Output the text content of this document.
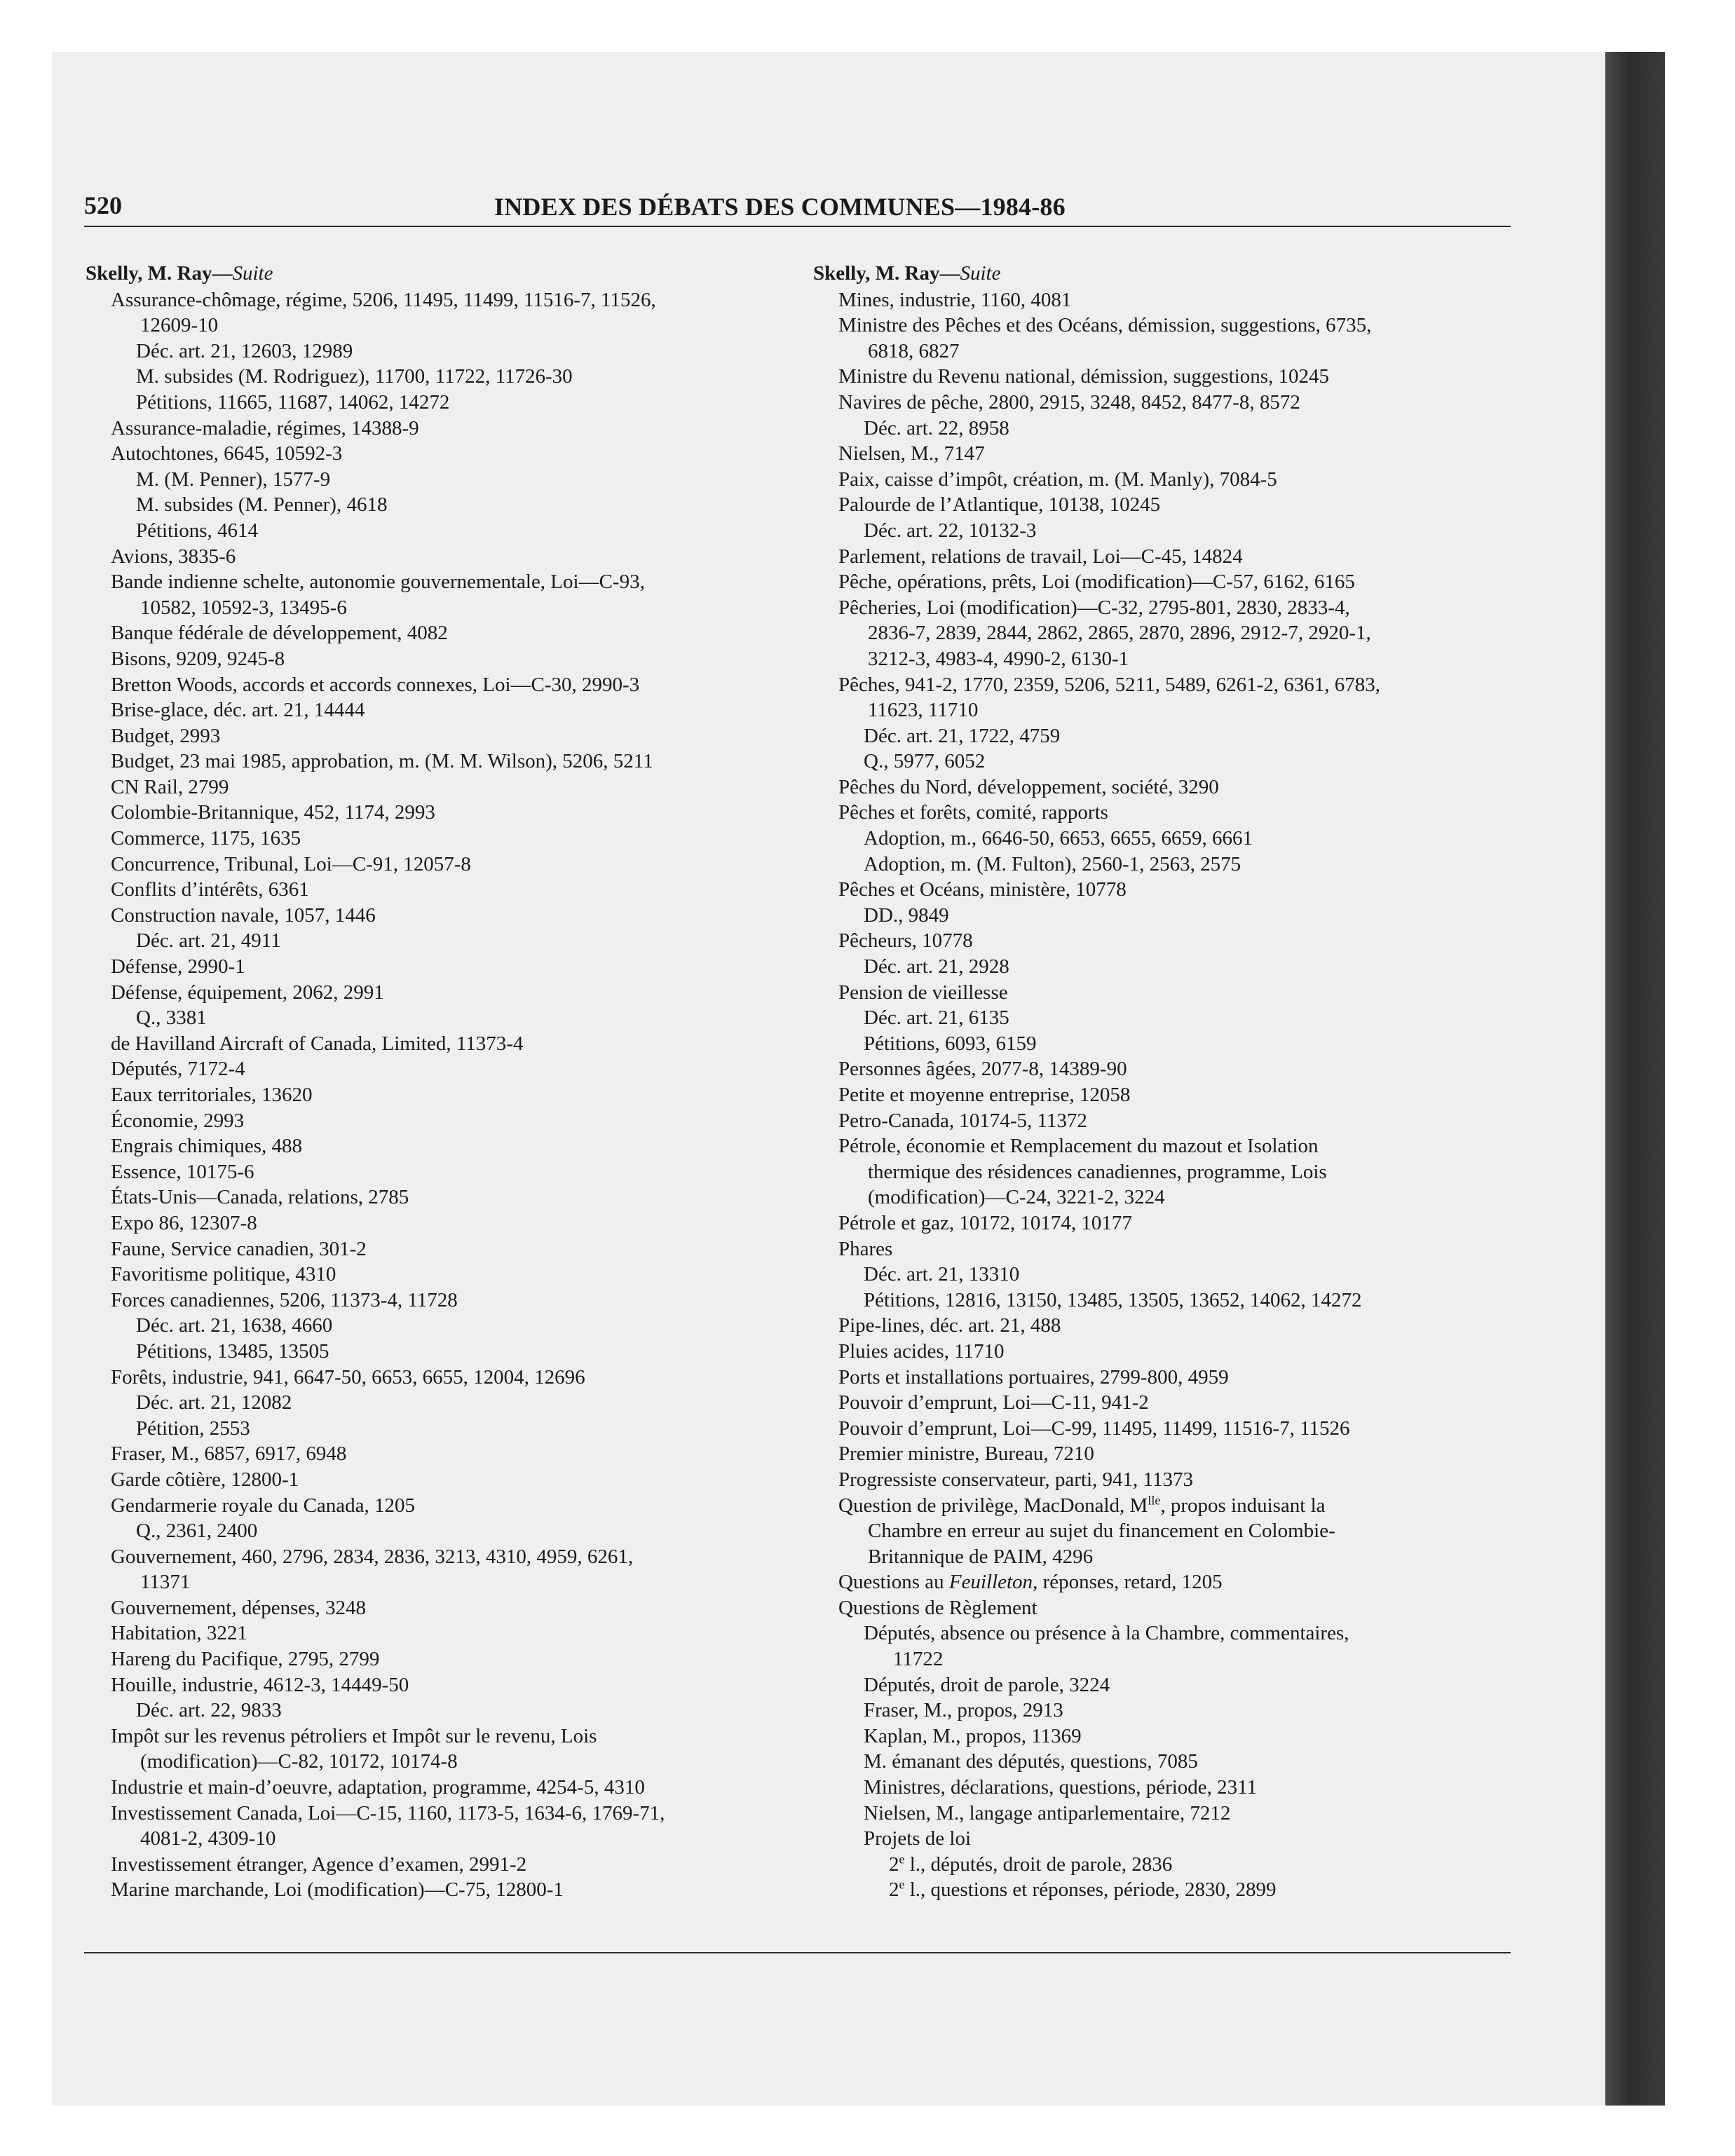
520	INDEX DES DÉBATS DES COMMUNES—1984-86
Skelly, M. Ray—Suite
Assurance-chômage, régime, 5206, 11495, 11499, 11516-7, 11526,
12609-10
Déc. art. 21, 12603, 12989
M. subsides (M. Rodriguez), 11700, 11722, 11726-30
Pétitions, 11665, 11687, 14062, 14272
Assurance-maladie, régimes, 14388-9
Autochtones, 6645, 10592-3
M. (M. Penner), 1577-9
M. subsides (M. Penner), 4618
Pétitions, 4614
Avions, 3835-6
Bande indienne schelte, autonomie gouvernementale, Loi—C-93,
10582, 10592-3, 13495-6
Banque fédérale de développement, 4082
Bisons, 9209, 9245-8
Bretton Woods, accords et accords connexes, Loi—C-30, 2990-3
Brise-glace, déc. art. 21, 14444
Budget, 2993
Budget, 23 mai 1985, approbation, m. (M. M. Wilson), 5206, 5211
CN Rail, 2799
Colombie-Britannique, 452, 1174, 2993
Commerce, 1175, 1635
Concurrence, Tribunal, Loi—C-91, 12057-8
Conflits d’intérêts, 6361
Construction navale, 1057, 1446
Déc. art. 21, 4911
Défense, 2990-1
Défense, équipement, 2062, 2991
Q., 3381
de Havilland Aircraft of Canada, Limited, 11373-4
Députés, 7172-4
Eaux territoriales, 13620
Économie, 2993
Engrais chimiques, 488
Essence, 10175-6
États-Unis—Canada, relations, 2785
Expo 86, 12307-8
Faune, Service canadien, 301-2
Favoritisme politique, 4310
Forces canadiennes, 5206, 11373-4, 11728
Déc. art. 21, 1638, 4660
Pétitions, 13485, 13505
Forêts, industrie, 941, 6647-50, 6653, 6655, 12004, 12696
Déc. art. 21, 12082
Pétition, 2553
Fraser, M., 6857, 6917, 6948
Garde côtière, 12800-1
Gendarmerie royale du Canada, 1205
Q., 2361, 2400
Gouvernement, 460, 2796, 2834, 2836, 3213, 4310, 4959, 6261,
11371
Gouvernement, dépenses, 3248
Habitation, 3221
Hareng du Pacifique, 2795, 2799
Houille, industrie, 4612-3, 14449-50
Déc. art. 22, 9833
Impôt sur les revenus pétroliers et Impôt sur le revenu, Lois
(modification)—C-82, 10172, 10174-8
Industrie et main-d’oeuvre, adaptation, programme, 4254-5, 4310
Investissement Canada, Loi—C-15, 1160, 1173-5, 1634-6, 1769-71,
4081-2, 4309-10
Investissement étranger, Agence d’examen, 2991-2
Marine marchande, Loi (modification)—C-75, 12800-1
Skelly, M. Ray—Suite
Mines, industrie, 1160, 4081
Ministre des Pêches et des Océans, démission, suggestions, 6735,
6818, 6827
Ministre du Revenu national, démission, suggestions, 10245
Navires de pêche, 2800, 2915, 3248, 8452, 8477-8, 8572
Déc. art. 22, 8958
Nielsen, M., 7147
Paix, caisse d’impôt, création, m. (M. Manly), 7084-5
Palourde de l’Atlantique, 10138, 10245
Déc. art. 22, 10132-3
Parlement, relations de travail, Loi—C-45, 14824
Pêche, opérations, prêts, Loi (modification)—C-57, 6162, 6165
Pêcheries, Loi (modification)—C-32, 2795-801, 2830, 2833-4,
2836-7, 2839, 2844, 2862, 2865, 2870, 2896, 2912-7, 2920-1,
3212-3, 4983-4, 4990-2, 6130-1
Pêches, 941-2, 1770, 2359, 5206, 5211, 5489, 6261-2, 6361, 6783,
11623, 11710
Déc. art. 21, 1722, 4759
Q., 5977, 6052
Pêches du Nord, développement, société, 3290
Pêches et forêts, comité, rapports
Adoption, m., 6646-50, 6653, 6655, 6659, 6661
Adoption, m. (M. Fulton), 2560-1, 2563, 2575
Pêches et Océans, ministère, 10778
DD., 9849
Pêcheurs, 10778
Déc. art. 21, 2928
Pension de vieillesse
Déc. art. 21, 6135
Pétitions, 6093, 6159
Personnes âgées, 2077-8, 14389-90
Petite et moyenne entreprise, 12058
Petro-Canada, 10174-5, 11372
Pétrole, économie et Remplacement du mazout et Isolation
thermique des résidences canadiennes, programme, Lois
(modification)—C-24, 3221-2, 3224
Pétrole et gaz, 10172, 10174, 10177
Phares
Déc. art. 21, 13310
Pétitions, 12816, 13150, 13485, 13505, 13652, 14062, 14272
Pipe-lines, déc. art. 21, 488
Pluies acides, 11710
Ports et installations portuaires, 2799-800, 4959
Pouvoir d’emprunt, Loi—C-11, 941-2
Pouvoir d’emprunt, Loi—C-99, 11495, 11499, 11516-7, 11526
Premier ministre, Bureau, 7210
Progressiste conservateur, parti, 941, 11373
Question de privilège, MacDonald, $M^{lle}$, propos induisant la
Chambre en erreur au sujet du financement en Colombie-
Britannique de PAIM, 4296
Questions au Feuilleton, réponses, retard, 1205
Questions de Règlement
Députés, absence ou présence à la Chambre, commentaires,
11722
Députés, droit de parole, 3224
Fraser, M., propos, 2913
Kaplan, M., propos, 11369
M. émanant des députés, questions, 7085
Ministres, déclarations, questions, période, 2311
Nielsen, M., langage antiparlementaire, 7212
Projets de loi
2e l., députés, droit de parole, 2836
2e l., questions et réponses, période, 2830, 2899
